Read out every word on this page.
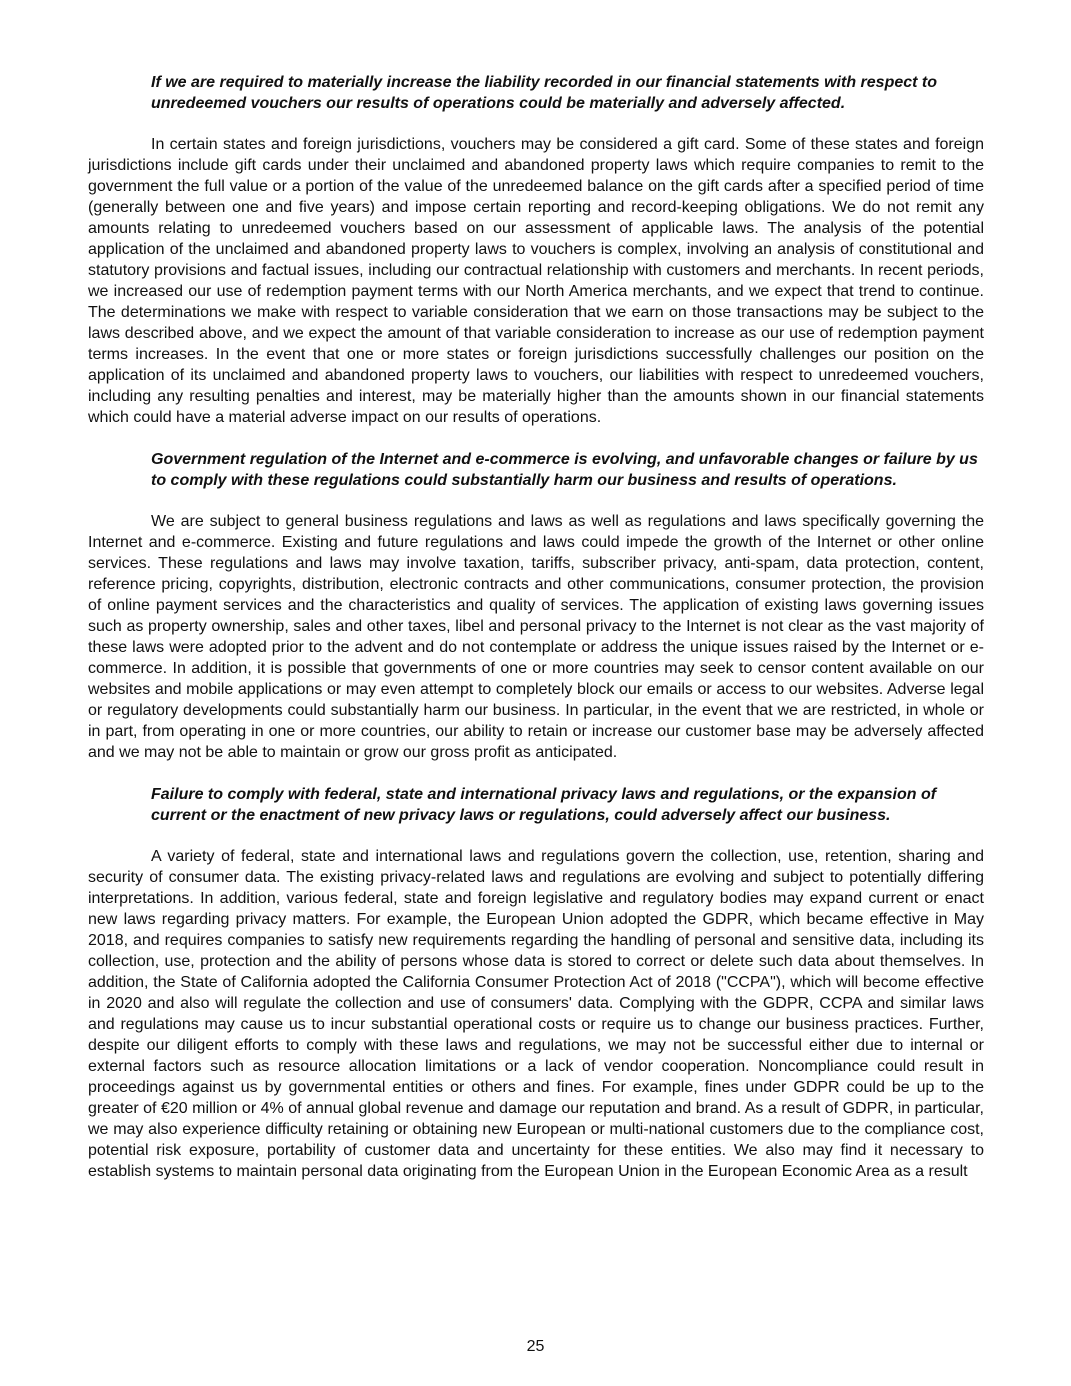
If we are required to materially increase the liability recorded in our financial statements with respect to unredeemed vouchers our results of operations could be materially and adversely affected.

In certain states and foreign jurisdictions, vouchers may be considered a gift card. Some of these states and foreign jurisdictions include gift cards under their unclaimed and abandoned property laws which require companies to remit to the government the full value or a portion of the value of the unredeemed balance on the gift cards after a specified period of time (generally between one and five years) and impose certain reporting and record-keeping obligations. We do not remit any amounts relating to unredeemed vouchers based on our assessment of applicable laws. The analysis of the potential application of the unclaimed and abandoned property laws to vouchers is complex, involving an analysis of constitutional and statutory provisions and factual issues, including our contractual relationship with customers and merchants. In recent periods, we increased our use of redemption payment terms with our North America merchants, and we expect that trend to continue. The determinations we make with respect to variable consideration that we earn on those transactions may be subject to the laws described above, and we expect the amount of that variable consideration to increase as our use of redemption payment terms increases. In the event that one or more states or foreign jurisdictions successfully challenges our position on the application of its unclaimed and abandoned property laws to vouchers, our liabilities with respect to unredeemed vouchers, including any resulting penalties and interest, may be materially higher than the amounts shown in our financial statements which could have a material adverse impact on our results of operations.

Government regulation of the Internet and e-commerce is evolving, and unfavorable changes or failure by us to comply with these regulations could substantially harm our business and results of operations.

We are subject to general business regulations and laws as well as regulations and laws specifically governing the Internet and e-commerce. Existing and future regulations and laws could impede the growth of the Internet or other online services. These regulations and laws may involve taxation, tariffs, subscriber privacy, anti-spam, data protection, content, reference pricing, copyrights, distribution, electronic contracts and other communications, consumer protection, the provision of online payment services and the characteristics and quality of services. The application of existing laws governing issues such as property ownership, sales and other taxes, libel and personal privacy to the Internet is not clear as the vast majority of these laws were adopted prior to the advent and do not contemplate or address the unique issues raised by the Internet or e-commerce. In addition, it is possible that governments of one or more countries may seek to censor content available on our websites and mobile applications or may even attempt to completely block our emails or access to our websites. Adverse legal or regulatory developments could substantially harm our business. In particular, in the event that we are restricted, in whole or in part, from operating in one or more countries, our ability to retain or increase our customer base may be adversely affected and we may not be able to maintain or grow our gross profit as anticipated.

Failure to comply with federal, state and international privacy laws and regulations, or the expansion of current or the enactment of new privacy laws or regulations, could adversely affect our business.

A variety of federal, state and international laws and regulations govern the collection, use, retention, sharing and security of consumer data. The existing privacy-related laws and regulations are evolving and subject to potentially differing interpretations. In addition, various federal, state and foreign legislative and regulatory bodies may expand current or enact new laws regarding privacy matters. For example, the European Union adopted the GDPR, which became effective in May 2018, and requires companies to satisfy new requirements regarding the handling of personal and sensitive data, including its collection, use, protection and the ability of persons whose data is stored to correct or delete such data about themselves. In addition, the State of California adopted the California Consumer Protection Act of 2018 ("CCPA"), which will become effective in 2020 and also will regulate the collection and use of consumers' data. Complying with the GDPR, CCPA and similar laws and regulations may cause us to incur substantial operational costs or require us to change our business practices. Further, despite our diligent efforts to comply with these laws and regulations, we may not be successful either due to internal or external factors such as resource allocation limitations or a lack of vendor cooperation. Noncompliance could result in proceedings against us by governmental entities or others and fines. For example, fines under GDPR could be up to the greater of €20 million or 4% of annual global revenue and damage our reputation and brand. As a result of GDPR, in particular, we may also experience difficulty retaining or obtaining new European or multi-national customers due to the compliance cost, potential risk exposure, portability of customer data and uncertainty for these entities. We also may find it necessary to establish systems to maintain personal data originating from the European Union in the European Economic Area as a result

25
